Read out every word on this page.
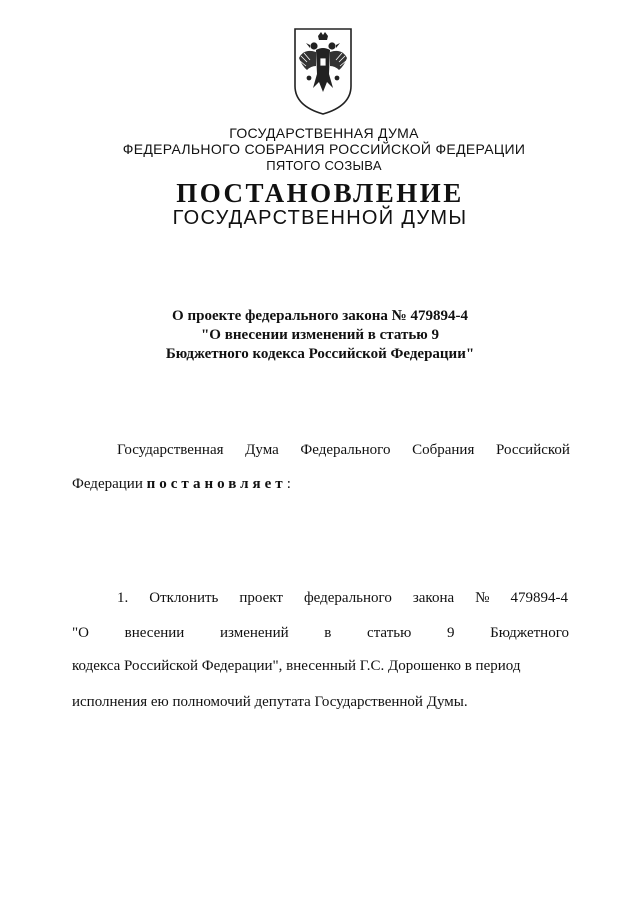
ГОСУДАРСТВЕННАЯ ДУМА
ФЕДЕРАЛЬНОГО СОБРАНИЯ РОССИЙСКОЙ ФЕДЕРАЦИИ
ПЯТОГО СОЗЫВА
ПОСТАНОВЛЕНИЕ
ГОСУДАРСТВЕННОЙ ДУМЫ
О проекте федерального закона № 479894-4
"О внесении изменений в статью 9
Бюджетного кодекса Российской Федерации"
Государственная Дума Федерального Собрания Российской
Федерации постановляет:
1. Отклонить проект федерального закона № 479894-4
"О внесении изменений в статью 9 Бюджетного
кодекса Российской Федерации", внесенный Г.С. Дорошенко в период
исполнения ею полномочий депутата Государственной Думы.
